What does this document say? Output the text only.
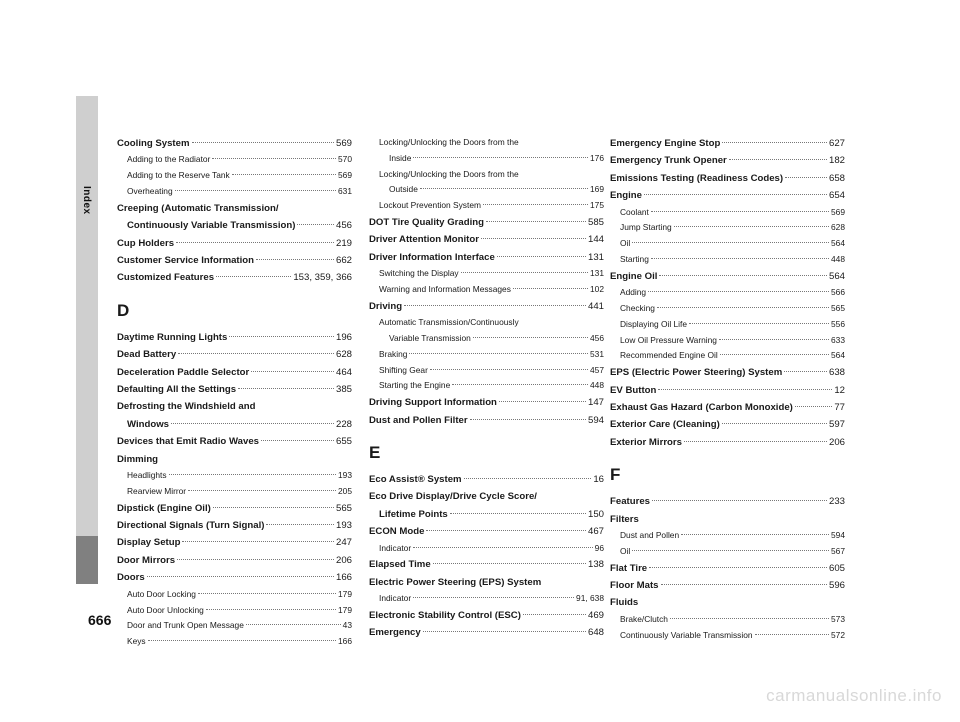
Index
666
Cooling System	569
Adding to the Radiator	570
Adding to the Reserve Tank	569
Overheating	631
Creeping (Automatic Transmission/
Continuously Variable Transmission)	456
Cup Holders	219
Customer Service Information	662
Customized Features	153, 359, 366
D
Daytime Running Lights	196
Dead Battery	628
Deceleration Paddle Selector	464
Defaulting All the Settings	385
Defrosting the Windshield and
Windows	228
Devices that Emit Radio Waves	655
Dimming
Headlights	193
Rearview Mirror	205
Dipstick (Engine Oil)	565
Directional Signals (Turn Signal)	193
Display Setup	247
Door Mirrors	206
Doors	166
Auto Door Locking	179
Auto Door Unlocking	179
Door and Trunk Open Message	43
Keys	166
Locking/Unlocking the Doors from the
Inside	176
Locking/Unlocking the Doors from the
Outside	169
Lockout Prevention System	175
DOT Tire Quality Grading	585
Driver Attention Monitor	144
Driver Information Interface	131
Switching the Display	131
Warning and Information Messages	102
Driving	441
Automatic Transmission/Continuously
Variable Transmission	456
Braking	531
Shifting Gear	457
Starting the Engine	448
Driving Support Information	147
Dust and Pollen Filter	594
E
Eco Assist® System	16
Eco Drive Display/Drive Cycle Score/
Lifetime Points	150
ECON Mode	467
Indicator	96
Elapsed Time	138
Electric Power Steering (EPS) System
Indicator	91, 638
Electronic Stability Control (ESC)	469
Emergency	648
Emergency Engine Stop	627
Emergency Trunk Opener	182
Emissions Testing (Readiness Codes)	658
Engine	654
Coolant	569
Jump Starting	628
Oil	564
Starting	448
Engine Oil	564
Adding	566
Checking	565
Displaying Oil Life	556
Low Oil Pressure Warning	633
Recommended Engine Oil	564
EPS (Electric Power Steering) System	638
EV Button	12
Exhaust Gas Hazard (Carbon Monoxide)	77
Exterior Care (Cleaning)	597
Exterior Mirrors	206
F
Features	233
Filters
Dust and Pollen	594
Oil	567
Flat Tire	605
Floor Mats	596
Fluids
Brake/Clutch	573
Continuously Variable Transmission	572
carmanualsonline.info
